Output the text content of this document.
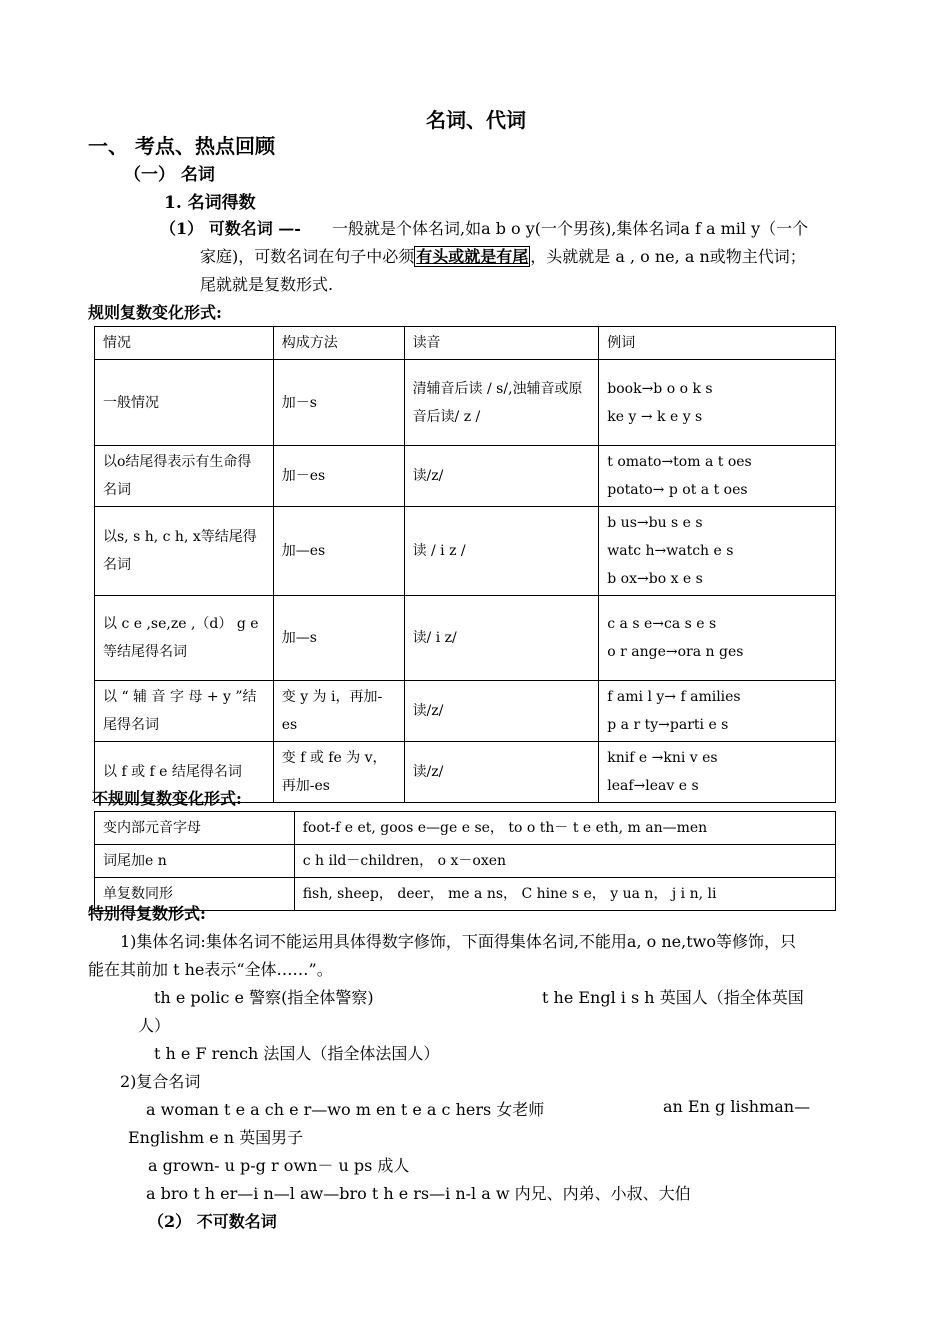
名词、代词
一、 考点、热点回顾
（一） 名词
1. 名词得数
（1） 可数名词 —- 一般就是个体名词,如a b o y(一个男孩),集体名词a f a mil y（一个
家庭)，可数名词在句子中必须 有头或就是有尾 ，头就就是 a , o ne, a n或物主代词；
尾就就是复数形式.
规则复数变化形式:
情况	构成方法	读音	例词
一般情况	加－s	清辅音后读 / s/,浊辅音或原音后读/ z /	book→b o o k s
ke y → k e y s

以o结尾得表示有生命得名词	加－es	读/z/	t omato→tom a t oes
potato→ p ot a t oes

以s, s h, c h, x等结尾得名词	加—es	读 / i z /	b us→bu s e s
watc h→watch e s
b ox→bo x e s

以 c e ,se,ze ,（d） g e等结尾得名词	加—s	读/ i z/	c a s e→ca s e s
o r ange→ora n ges

以 “ 辅 音 字 母 + y ”结尾得名词	变 y 为 i，再加-es	读/z/	f ami l y→ f amilies
p a r ty→parti e s

以 f 或 f e 结尾得名词	变 f 或 fe 为 v，再加-es	读/z/	knif e →kni v es
leaf→leav e s
不规则复数变化形式:
变内部元音字母	foot-f e et, goos e—ge e se， to o th－ t e eth, m an—men
词尾加e n	c h ild－children， o x－oxen
单复数同形	fish, sheep， deer， me a ns， C hine s e， y ua n， j i n, li
特别得复数形式:
1)集体名词:集体名词不能运用具体得数字修饰，下面得集体名词,不能用a, o ne,two等修饰，只
能在其前加 t he表示“全体……”。
th e polic e 警察(指全体警察)	t he Engl i s h 英国人（指全体英国
人）
t h e F rench 法国人（指全体法国人）
2)复合名词
a woman t e a ch e r—wo m en t e a c hers 女老师	an En g lishman—
Englishm e n 英国男子
a grown- u p-g r own－ u ps 成人
a bro t h er—i n—l aw—bro t h e rs—i n-l a w 内兄、内弟、小叔、大伯
（2） 不可数名词
